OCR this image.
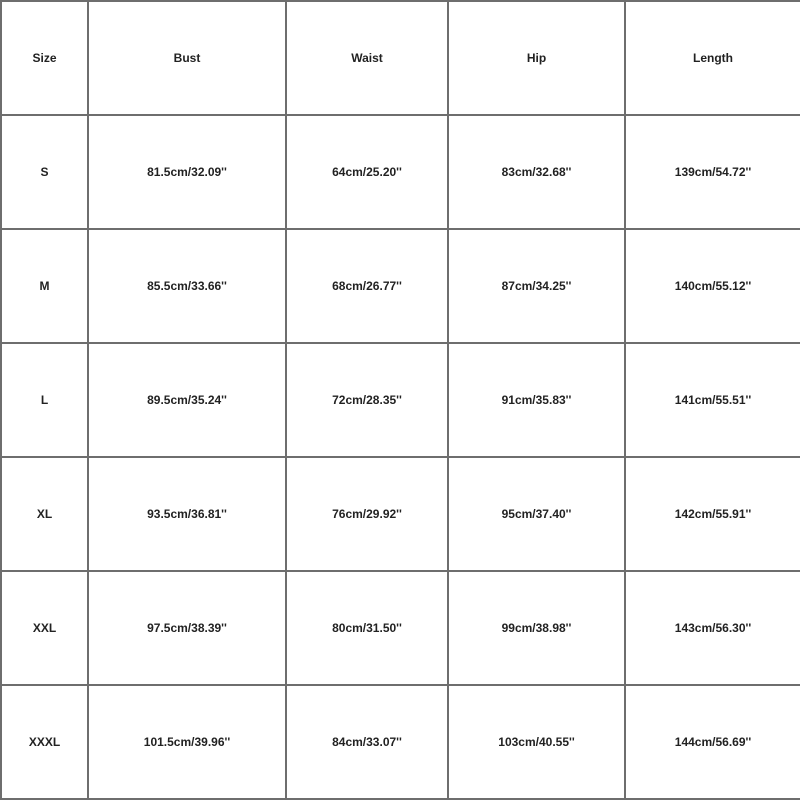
Size	Bust	Waist	Hip	Length
S	81.5cm/32.09''	64cm/25.20''	83cm/32.68''	139cm/54.72''
M	85.5cm/33.66''	68cm/26.77''	87cm/34.25''	140cm/55.12''
L	89.5cm/35.24''	72cm/28.35''	91cm/35.83''	141cm/55.51''
XL	93.5cm/36.81''	76cm/29.92''	95cm/37.40''	142cm/55.91''
XXL	97.5cm/38.39''	80cm/31.50''	99cm/38.98''	143cm/56.30''
XXXL	101.5cm/39.96''	84cm/33.07''	103cm/40.55''	144cm/56.69''
